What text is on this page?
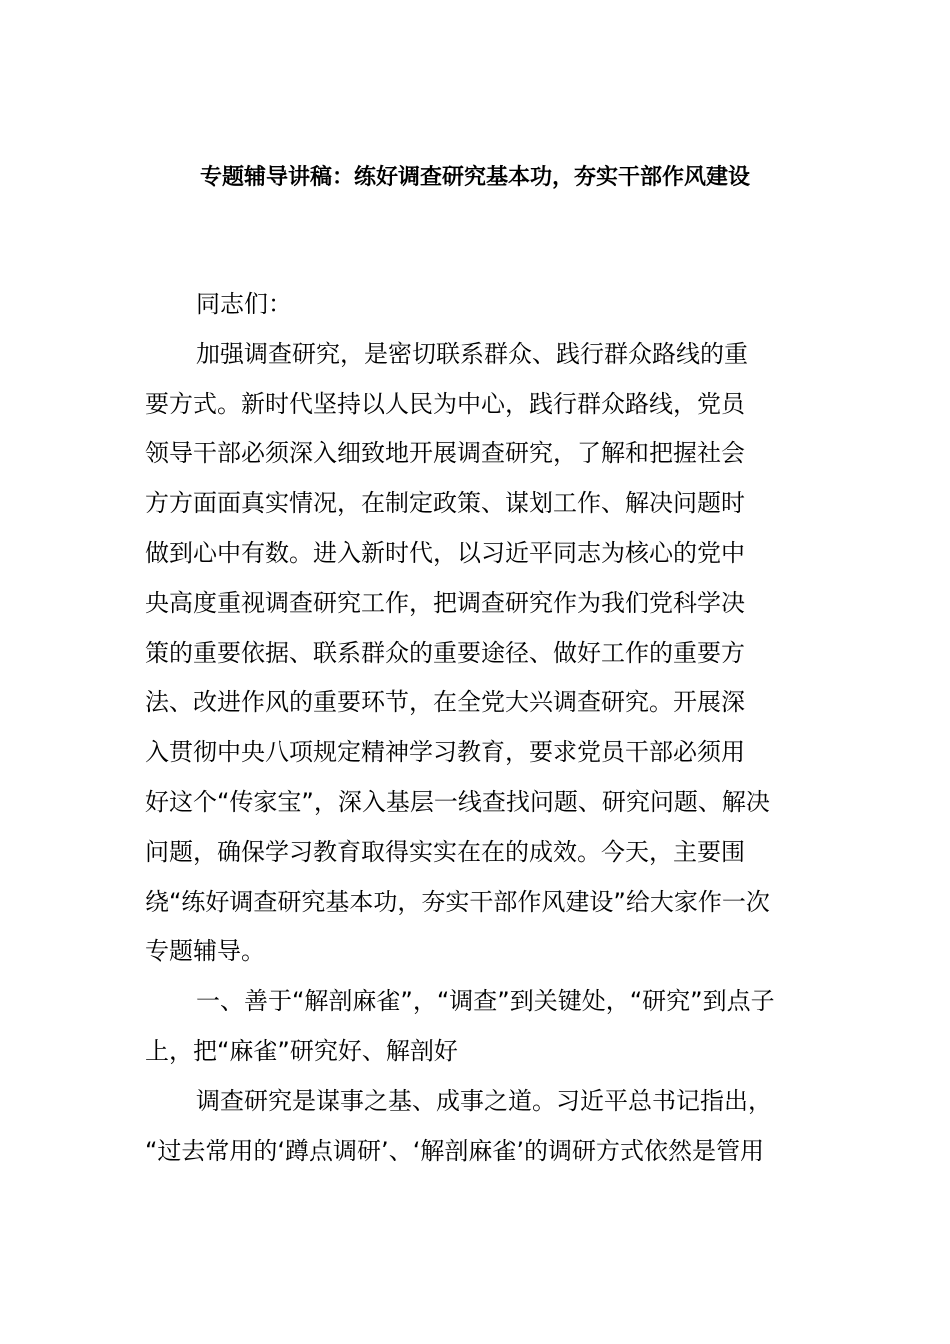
专题辅导讲稿：练好调查研究基本功，夯实干部作风建设
同志们：
加强调查研究，是密切联系群众、践行群众路线的重
要方式。新时代坚持以人民为中心，践行群众路线，党员
领导干部必须深入细致地开展调查研究，了解和把握社会
方方面面真实情况，在制定政策、谋划工作、解决问题时
做到心中有数。进入新时代，以习近平同志为核心的党中
央高度重视调查研究工作，把调查研究作为我们党科学决
策的重要依据、联系群众的重要途径、做好工作的重要方
法、改进作风的重要环节，在全党大兴调查研究。开展深
入贯彻中央八项规定精神学习教育，要求党员干部必须用
好这个“传家宝”，深入基层一线查找问题、研究问题、解决
问题，确保学习教育取得实实在在的成效。今天，主要围
绕“练好调查研究基本功，夯实干部作风建设”给大家作一次
专题辅导。
一、善于“解剖麻雀”，“调查”到关键处，“研究”到点子
上，把“麻雀”研究好、解剖好
调查研究是谋事之基、成事之道。习近平总书记指出，
“过去常用的‘蹲点调研’、‘解剖麻雀’的调研方式依然是管用
